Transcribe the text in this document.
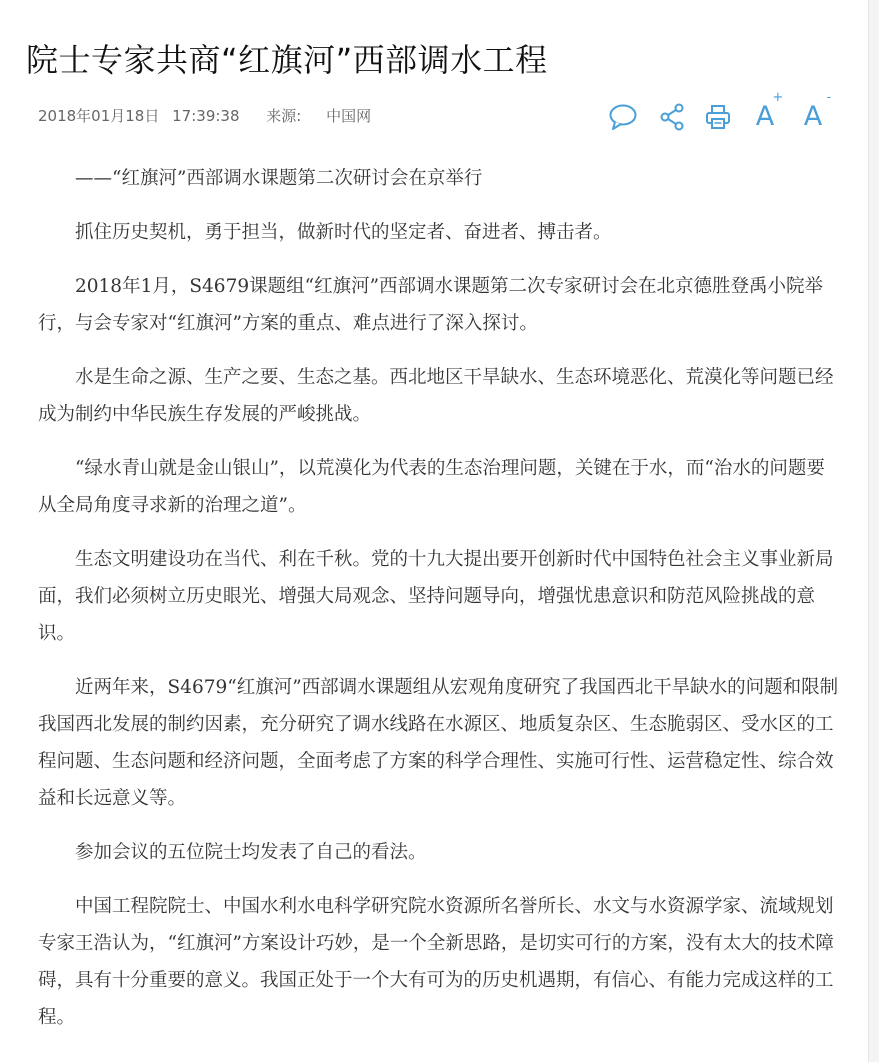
院士专家共商“红旗河”西部调水工程
2018年01月18日 17:39:38 来源: 中国网	A
+
A
-

——“红旗河”西部调水课题第二次研讨会在京举行

抓住历史契机，勇于担当，做新时代的坚定者、奋进者、搏击者。

2018年1月，S4679课题组“红旗河”西部调水课题第二次专家研讨会在北京德胜登禹小院举行，与会专家对“红旗河”方案的重点、难点进行了深入探讨。

水是生命之源、生产之要、生态之基。西北地区干旱缺水、生态环境恶化、荒漠化等问题已经成为制约中华民族生存发展的严峻挑战。

“绿水青山就是金山银山”，以荒漠化为代表的生态治理问题，关键在于水，而“治水的问题要从全局角度寻求新的治理之道”。

生态文明建设功在当代、利在千秋。党的十九大提出要开创新时代中国特色社会主义事业新局面，我们必须树立历史眼光、增强大局观念、坚持问题导向，增强忧患意识和防范风险挑战的意识。

近两年来，S4679“红旗河”西部调水课题组从宏观角度研究了我国西北干旱缺水的问题和限制我国西北发展的制约因素，充分研究了调水线路在水源区、地质复杂区、生态脆弱区、受水区的工程问题、生态问题和经济问题，全面考虑了方案的科学合理性、实施可行性、运营稳定性、综合效益和长远意义等。

参加会议的五位院士均发表了自己的看法。

中国工程院院士、中国水利水电科学研究院水资源所名誉所长、水文与水资源学家、流域规划专家王浩认为，“红旗河”方案设计巧妙，是一个全新思路，是切实可行的方案，没有太大的技术障碍，具有十分重要的意义。我国正处于一个大有可为的历史机遇期，有信心、有能力完成这样的工程。
